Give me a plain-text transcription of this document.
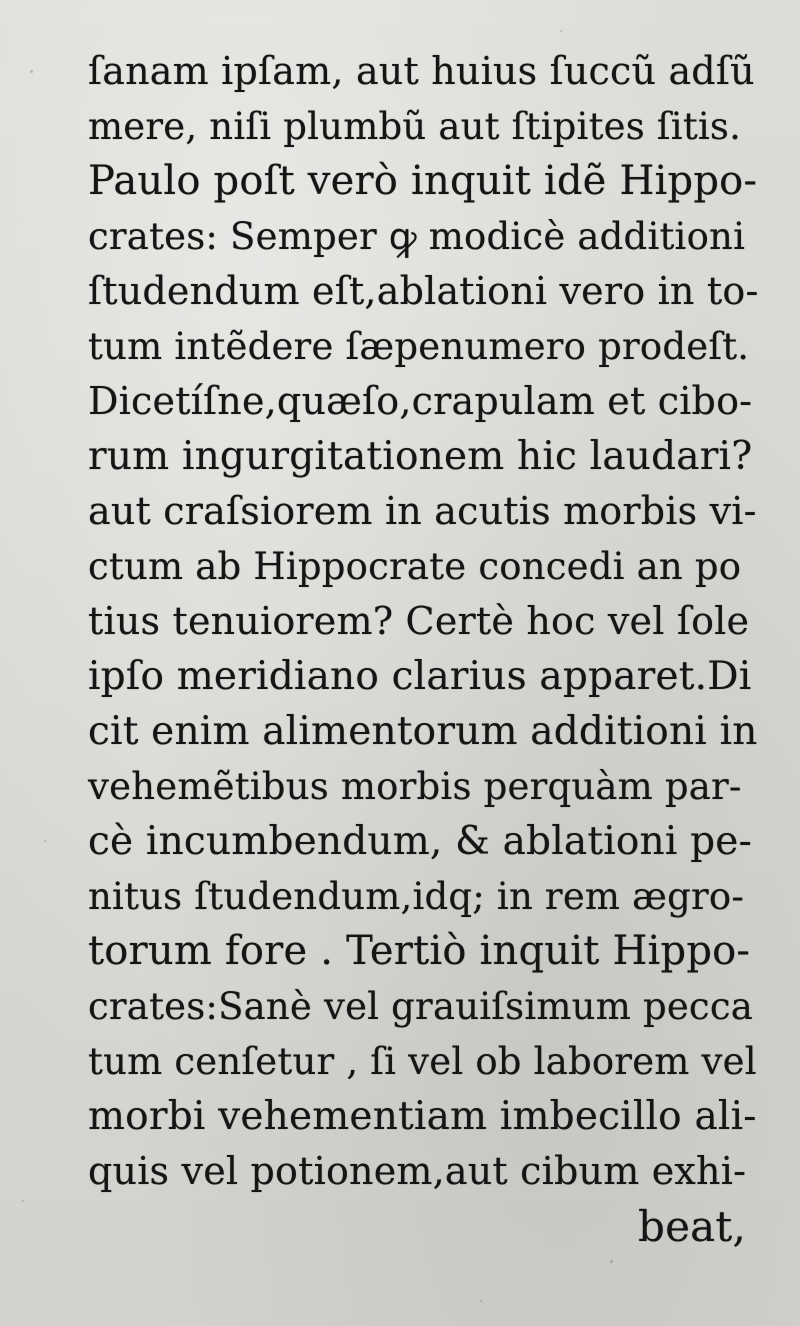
ſanam ipſam, aut huius ſuccũ adſũ
mere, niſi plumbũ aut ſtipites ſitis.
Paulo poſt verò inquit idẽ Hippo-
crates: Semper ꝙ modicè additioni
ſtudendum eſt,ablationi vero in to-
tum intẽdere ſæpenumero prodeſt.
Dicetíſne,quæſo,crapulam et cibo-
rum ingurgitationem hic laudari?
aut craſsiorem in acutis morbis vi-
ctum ab Hippocrate concedi an po
tius tenuiorem? Certè hoc vel ſole
ipſo meridiano clarius apparet.Di
cit enim alimentorum additioni in
vehemẽtibus morbis perquàm par-
cè incumbendum, & ablationi pe-
nitus ſtudendum,idq; in rem ægro-
torum fore . Tertiò inquit Hippo-
crates:Sanè vel grauiſsimum pecca
tum cenſetur , ſi vel ob laborem vel
morbi vehementiam imbecillo ali-
quis vel potionem,aut cibum exhi-
beat,
